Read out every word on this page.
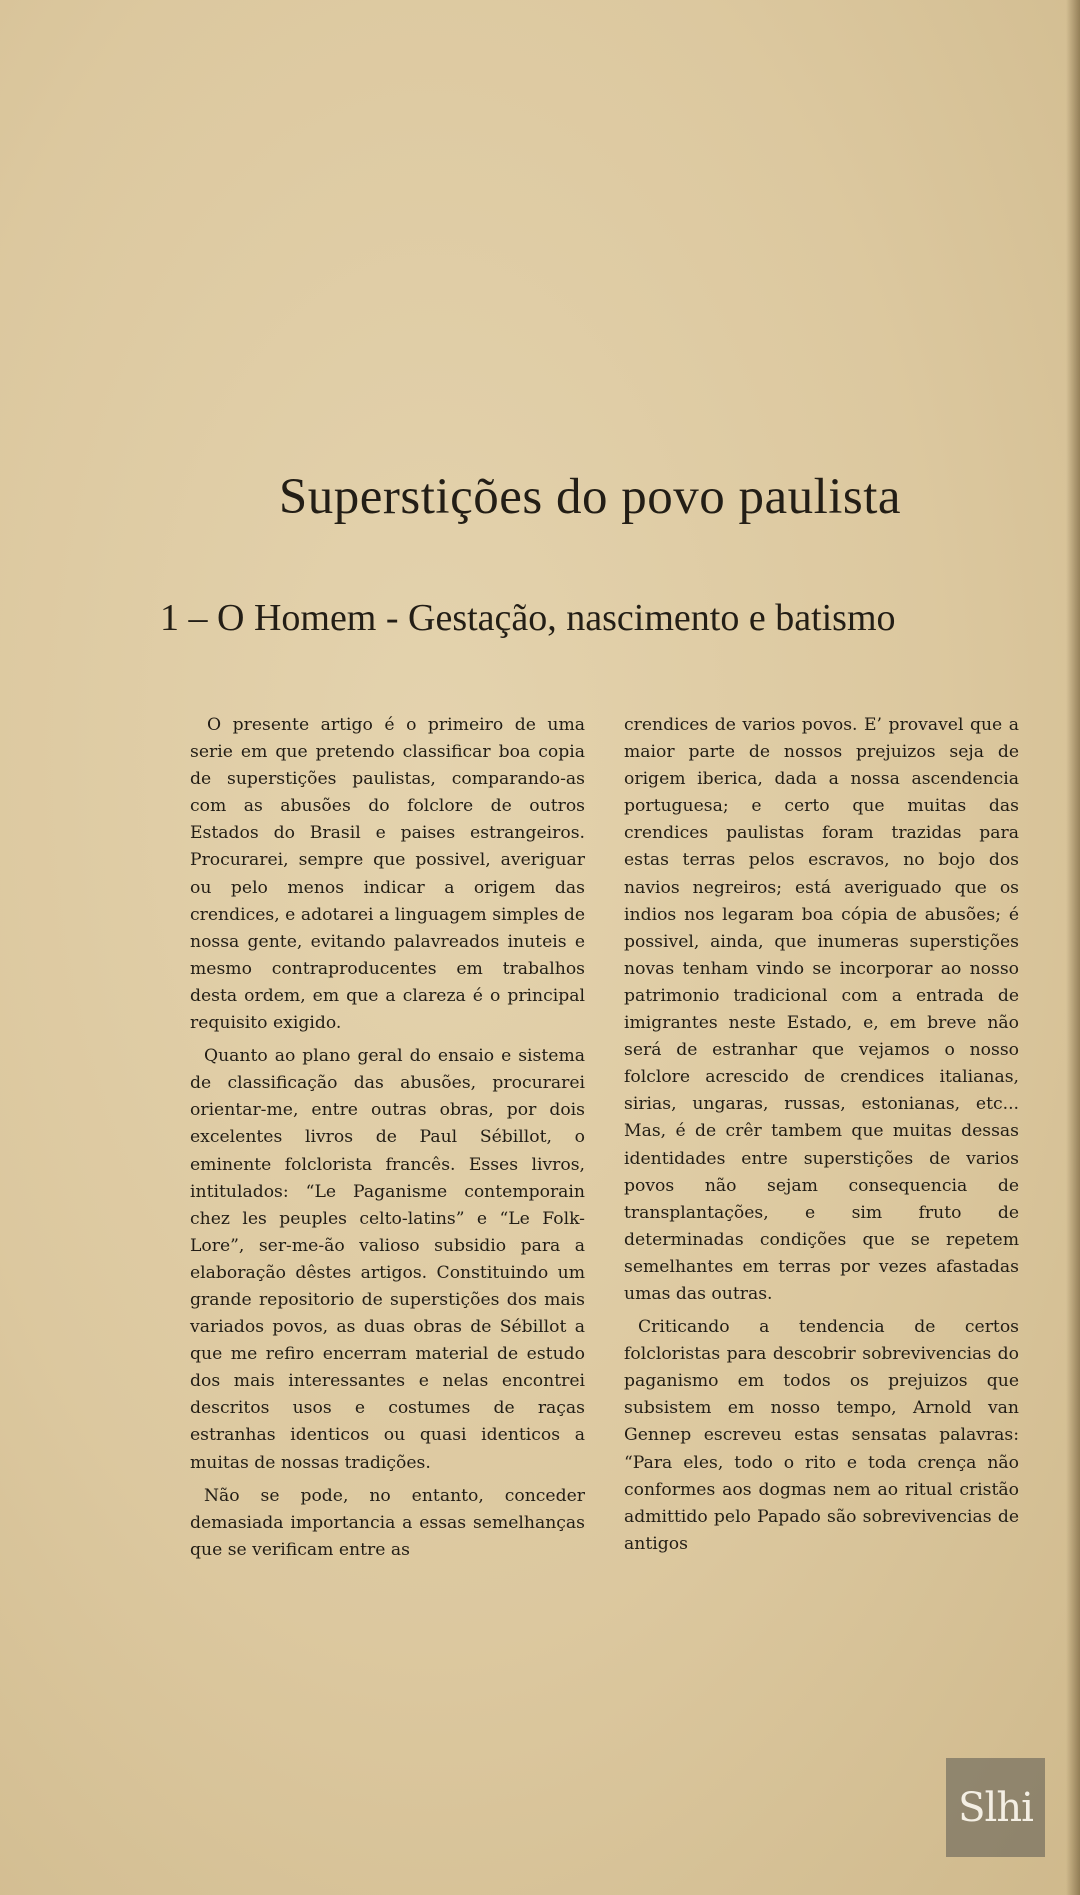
Superstições do povo paulista
1 – O Homem - Gestação, nascimento e batismo

O presente artigo é o primeiro de uma serie em que pretendo classificar boa copia de superstições paulistas, comparando-as com as abusões do folclore de outros Estados do Brasil e paises estrangeiros. Procurarei, sempre que possivel, averiguar ou pelo menos indicar a origem das crendices, e adotarei a linguagem simples de nossa gente, evitando palavreados inuteis e mesmo contraproducentes em trabalhos desta ordem, em que a clareza é o principal requisito exigido.

Quanto ao plano geral do ensaio e sistema de classificação das abusões, procurarei orientar-me, entre outras obras, por dois excelentes livros de Paul Sébillot, o eminente folclorista francês. Esses livros, intitulados: “Le Paganisme contemporain chez les peuples celto-latins” e “Le Folk-Lore”, ser-me-ão valioso subsidio para a elaboração dêstes artigos. Constituindo um grande repositorio de superstições dos mais variados povos, as duas obras de Sébillot a que me refiro encerram material de estudo dos mais interessantes e nelas encontrei descritos usos e costumes de raças estranhas identicos ou quasi identicos a muitas de nossas tradições.

Não se pode, no entanto, conceder demasiada importancia a essas semelhanças que se verificam entre as

crendices de varios povos. E’ provavel que a maior parte de nossos prejuizos seja de origem iberica, dada a nossa ascendencia portuguesa; e certo que muitas das crendices paulistas foram trazidas para estas terras pelos escravos, no bojo dos navios negreiros; está averiguado que os indios nos legaram boa cópia de abusões; é possivel, ainda, que inumeras superstições novas tenham vindo se incorporar ao nosso patrimonio tradicional com a entrada de imigrantes neste Estado, e, em breve não será de estranhar que vejamos o nosso folclore acrescido de crendices italianas, sirias, ungaras, russas, estonianas, etc... Mas, é de crêr tambem que muitas dessas identidades entre superstições de varios povos não sejam consequencia de transplantações, e sim fruto de determinadas condições que se repetem semelhantes em terras por vezes afastadas umas das outras.

Criticando a tendencia de certos folcloristas para descobrir sobrevivencias do paganismo em todos os prejuizos que subsistem em nosso tempo, Arnold van Gennep escreveu estas sensatas palavras: “Para eles, todo o rito e toda crença não conformes aos dogmas nem ao ritual cristão admittido pelo Papado são sobrevivencias de antigos

Slhi
